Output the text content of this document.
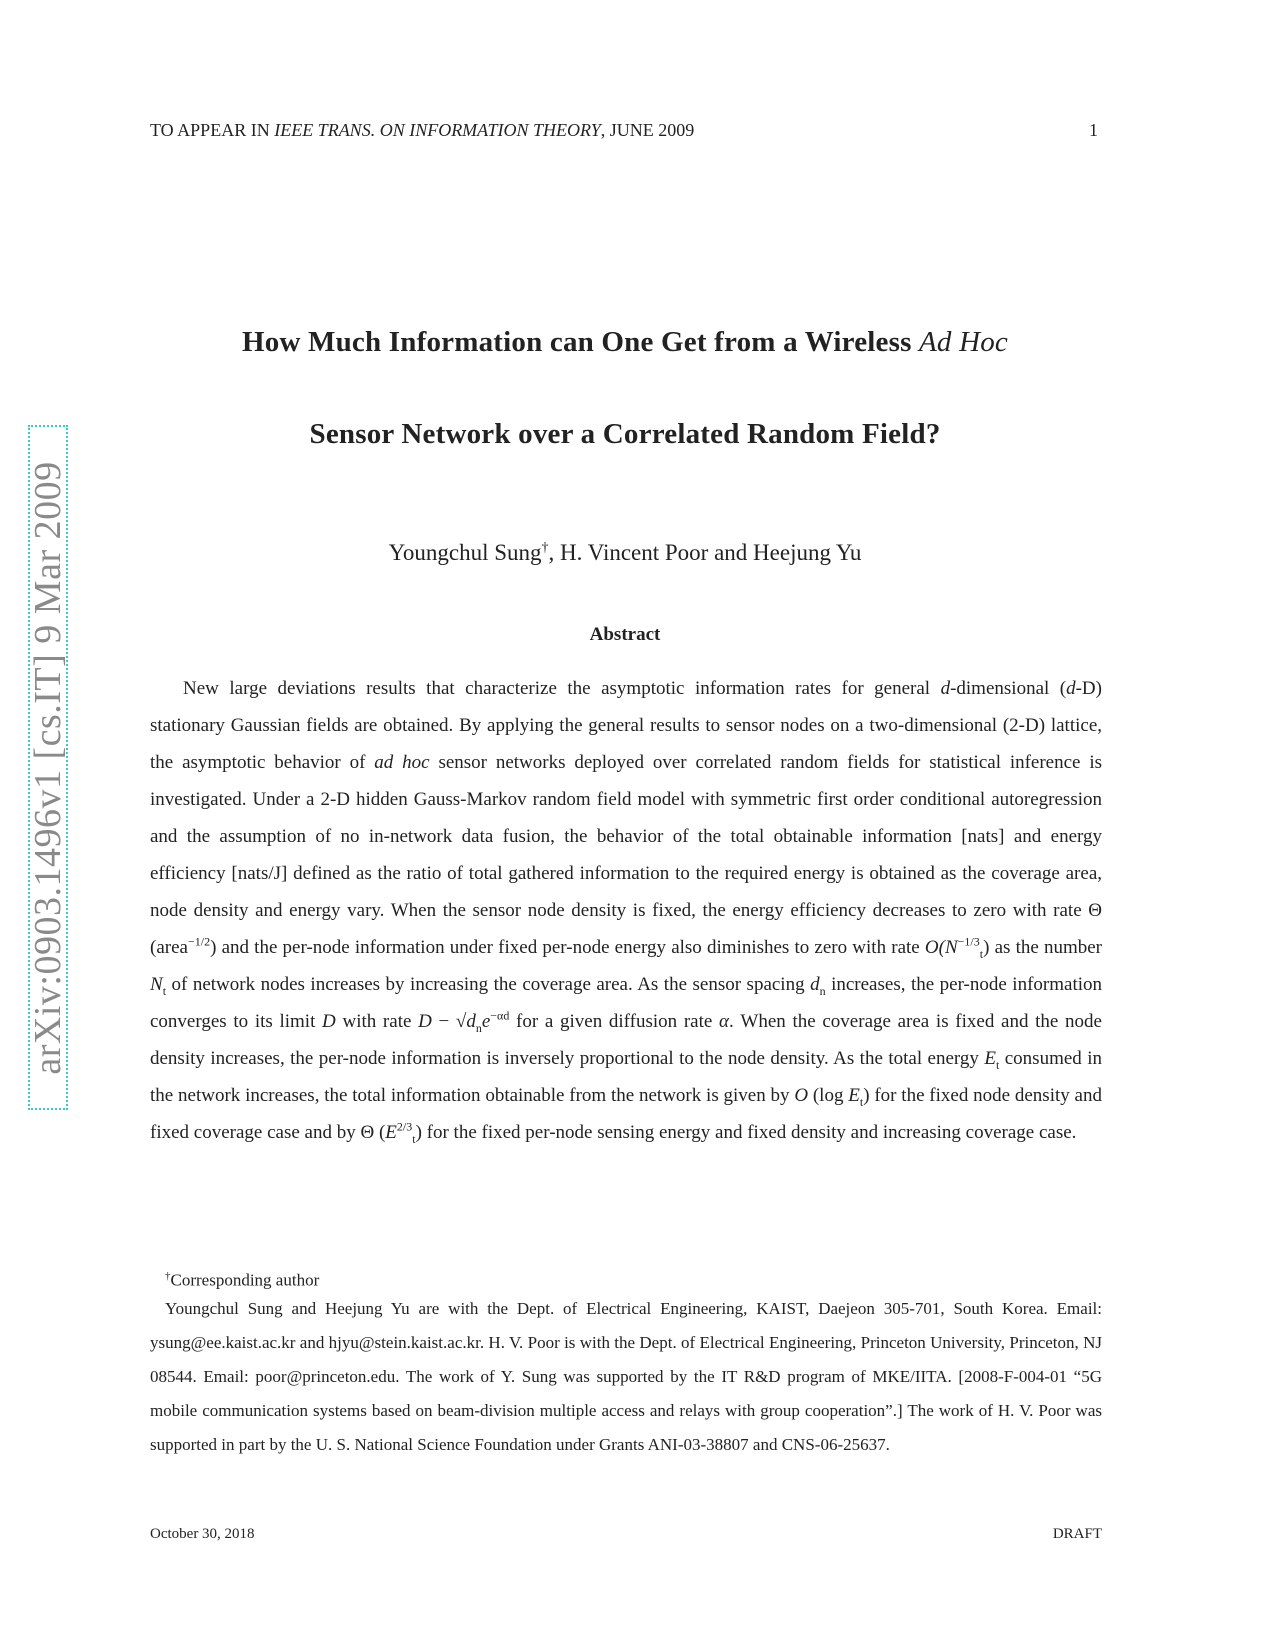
TO APPEAR IN IEEE TRANS. ON INFORMATION THEORY, JUNE 2009	1
arXiv:0903.1496v1 [cs.IT] 9 Mar 2009
How Much Information can One Get from a Wireless Ad Hoc
Sensor Network over a Correlated Random Field?
Youngchul Sung†, H. Vincent Poor and Heejung Yu
Abstract
New large deviations results that characterize the asymptotic information rates for general d-dimensional (d-D) stationary Gaussian fields are obtained. By applying the general results to sensor nodes on a two-dimensional (2-D) lattice, the asymptotic behavior of ad hoc sensor networks deployed over correlated random fields for statistical inference is investigated. Under a 2-D hidden Gauss-Markov random field model with symmetric first order conditional autoregression and the assumption of no in-network data fusion, the behavior of the total obtainable information [nats] and energy efficiency [nats/J] defined as the ratio of total gathered information to the required energy is obtained as the coverage area, node density and energy vary. When the sensor node density is fixed, the energy efficiency decreases to zero with rate Θ (area$^{-1/2}$) and the per-node information under fixed per-node energy also diminishes to zero with rate $O(N^{-1/3}_t)$ as the number $N_t$ of network nodes increases by increasing the coverage area. As the sensor spacing $d_n$ increases, the per-node information converges to its limit D with rate $D - √d_ne^{-\alpha d}$ for a given diffusion rate α. When the coverage area is fixed and the node density increases, the per-node information is inversely proportional to the node density. As the total energy $E_t$ consumed in the network increases, the total information obtainable from the network is given by O (log $E_t$) for the fixed node density and fixed coverage case and by Θ $(E^{2/3}_t)$ for the fixed per-node sensing energy and fixed density and increasing coverage case.
†Corresponding author
Youngchul Sung and Heejung Yu are with the Dept. of Electrical Engineering, KAIST, Daejeon 305-701, South Korea. Email: ysung@ee.kaist.ac.kr and hjyu@stein.kaist.ac.kr. H. V. Poor is with the Dept. of Electrical Engineering, Princeton University, Princeton, NJ 08544. Email: poor@princeton.edu. The work of Y. Sung was supported by the IT R&D program of MKE/IITA. [2008-F-004-01 “5G mobile communication systems based on beam-division multiple access and relays with group cooperation”.] The work of H. V. Poor was supported in part by the U. S. National Science Foundation under Grants ANI-03-38807 and CNS-06-25637.
October 30, 2018	DRAFT
